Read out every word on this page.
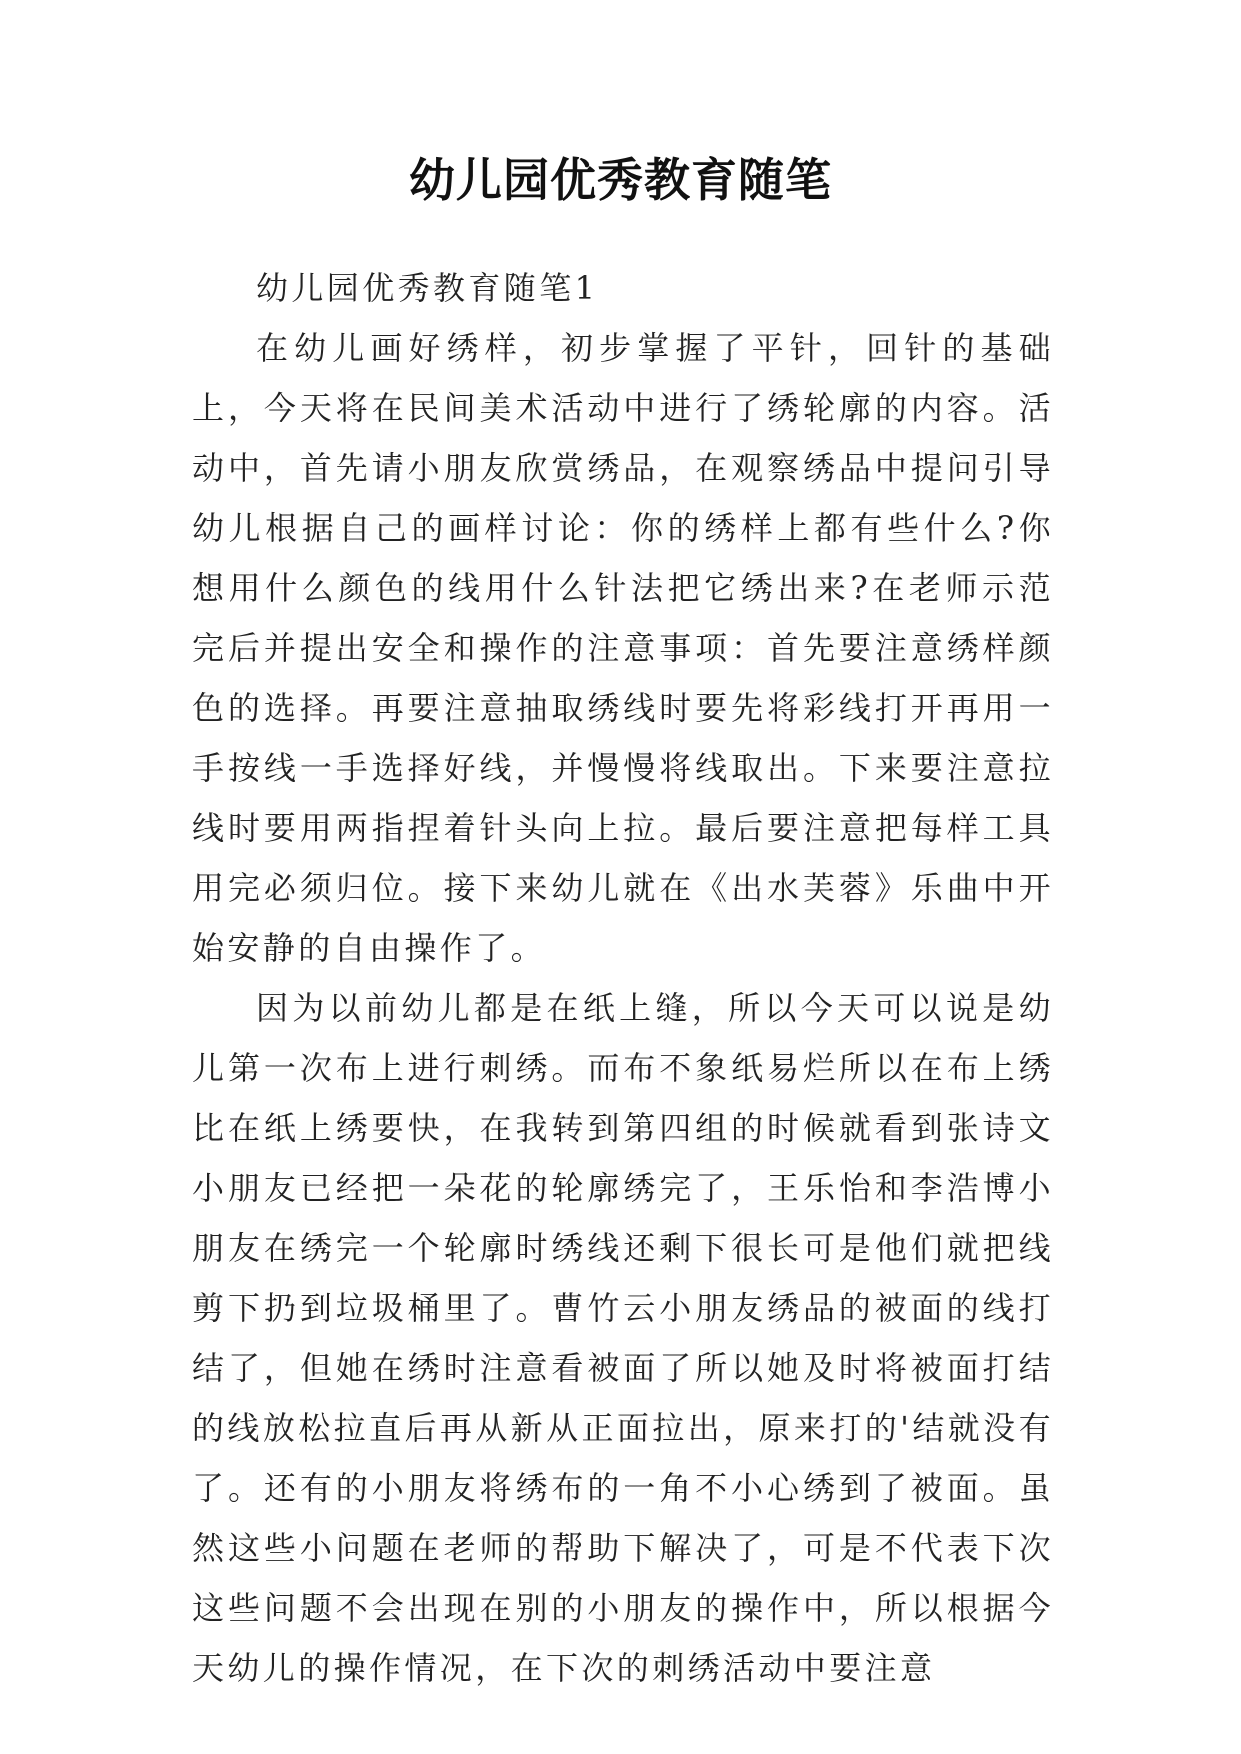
幼儿园优秀教育随笔

幼儿园优秀教育随笔1

在幼儿画好绣样，初步掌握了平针，回针的基础上，今天将在民间美术活动中进行了绣轮廓的内容。活动中，首先请小朋友欣赏绣品，在观察绣品中提问引导幼儿根据自己的画样讨论：你的绣样上都有些什么?你想用什么颜色的线用什么针法把它绣出来?在老师示范完后并提出安全和操作的注意事项：首先要注意绣样颜色的选择。再要注意抽取绣线时要先将彩线打开再用一手按线一手选择好线，并慢慢将线取出。下来要注意拉线时要用两指捏着针头向上拉。最后要注意把每样工具用完必须归位。接下来幼儿就在《出水芙蓉》乐曲中开始安静的自由操作了。

因为以前幼儿都是在纸上缝，所以今天可以说是幼儿第一次布上进行刺绣。而布不象纸易烂所以在布上绣比在纸上绣要快，在我转到第四组的时候就看到张诗文小朋友已经把一朵花的轮廓绣完了，王乐怡和李浩博小朋友在绣完一个轮廓时绣线还剩下很长可是他们就把线剪下扔到垃圾桶里了。曹竹云小朋友绣品的被面的线打结了，但她在绣时注意看被面了所以她及时将被面打结的线放松拉直后再从新从正面拉出，原来打的'结就没有了。还有的小朋友将绣布的一角不小心绣到了被面。虽然这些小问题在老师的帮助下解决了，可是不代表下次这些问题不会出现在别的小朋友的操作中，所以根据今天幼儿的操作情况，在下次的刺绣活动中要注意
